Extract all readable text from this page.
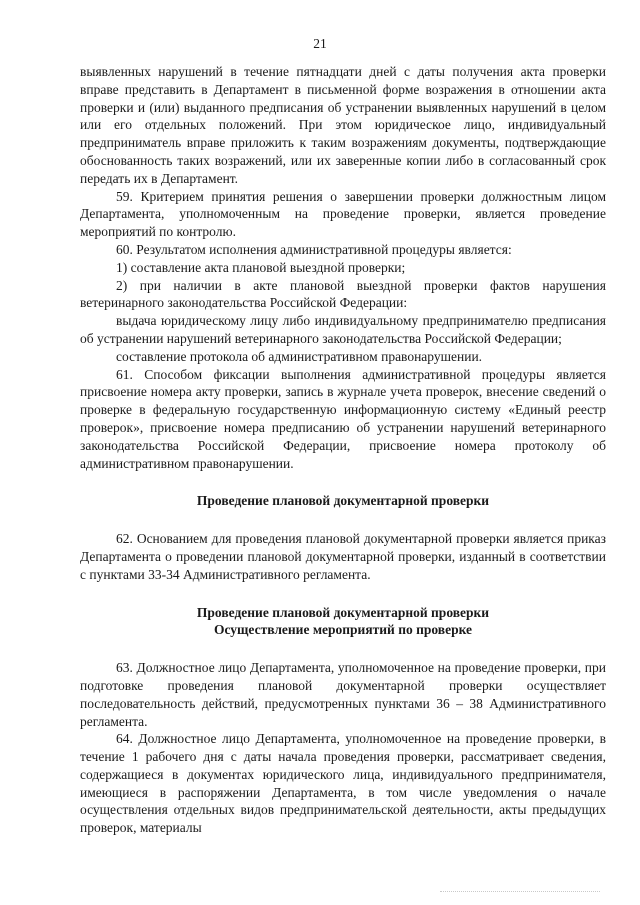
21

выявленных нарушений в течение пятнадцати дней с даты получения акта проверки вправе представить в Департамент в письменной форме возражения в отношении акта проверки и (или) выданного предписания об устранении выявленных нарушений в целом или его отдельных положений. При этом юридическое лицо, индивидуальный предприниматель вправе приложить к таким возражениям документы, подтверждающие обоснованность таких возражений, или их заверенные копии либо в согласованный срок передать их в Департамент.

59. Критерием принятия решения о завершении проверки должностным лицом Департамента, уполномоченным на проведение проверки, является проведение мероприятий по контролю.

60. Результатом исполнения административной процедуры является:

1) составление акта плановой выездной проверки;

2) при наличии в акте плановой выездной проверки фактов нарушения ветеринарного законодательства Российской Федерации:

выдача юридическому лицу либо индивидуальному предпринимателю предписания об устранении нарушений ветеринарного законодательства Российской Федерации;

составление протокола об административном правонарушении.

61. Способом фиксации выполнения административной процедуры является присвоение номера акту проверки, запись в журнале учета проверок, внесение сведений о проверке в федеральную государственную информационную систему «Единый реестр проверок», присвоение номера предписанию об устранении нарушений ветеринарного законодательства Российской Федерации, присвоение номера протоколу об административном правонарушении.

Проведение плановой документарной проверки

62. Основанием для проведения плановой документарной проверки является приказ Департамента о проведении плановой документарной проверки, изданный в соответствии с пунктами 33-34 Административного регламента.

Проведение плановой документарной проверки
Осуществление мероприятий по проверке

63. Должностное лицо Департамента, уполномоченное на проведение проверки, при подготовке проведения плановой документарной проверки осуществляет последовательность действий, предусмотренных пунктами 36 – 38 Административного регламента.

64. Должностное лицо Департамента, уполномоченное на проведение проверки, в течение 1 рабочего дня с даты начала проведения проверки, рассматривает сведения, содержащиеся в документах юридического лица, индивидуального предпринимателя, имеющиеся в распоряжении Департамента, в том числе уведомления о начале осуществления отдельных видов предпринимательской деятельности, акты предыдущих проверок, материалы
